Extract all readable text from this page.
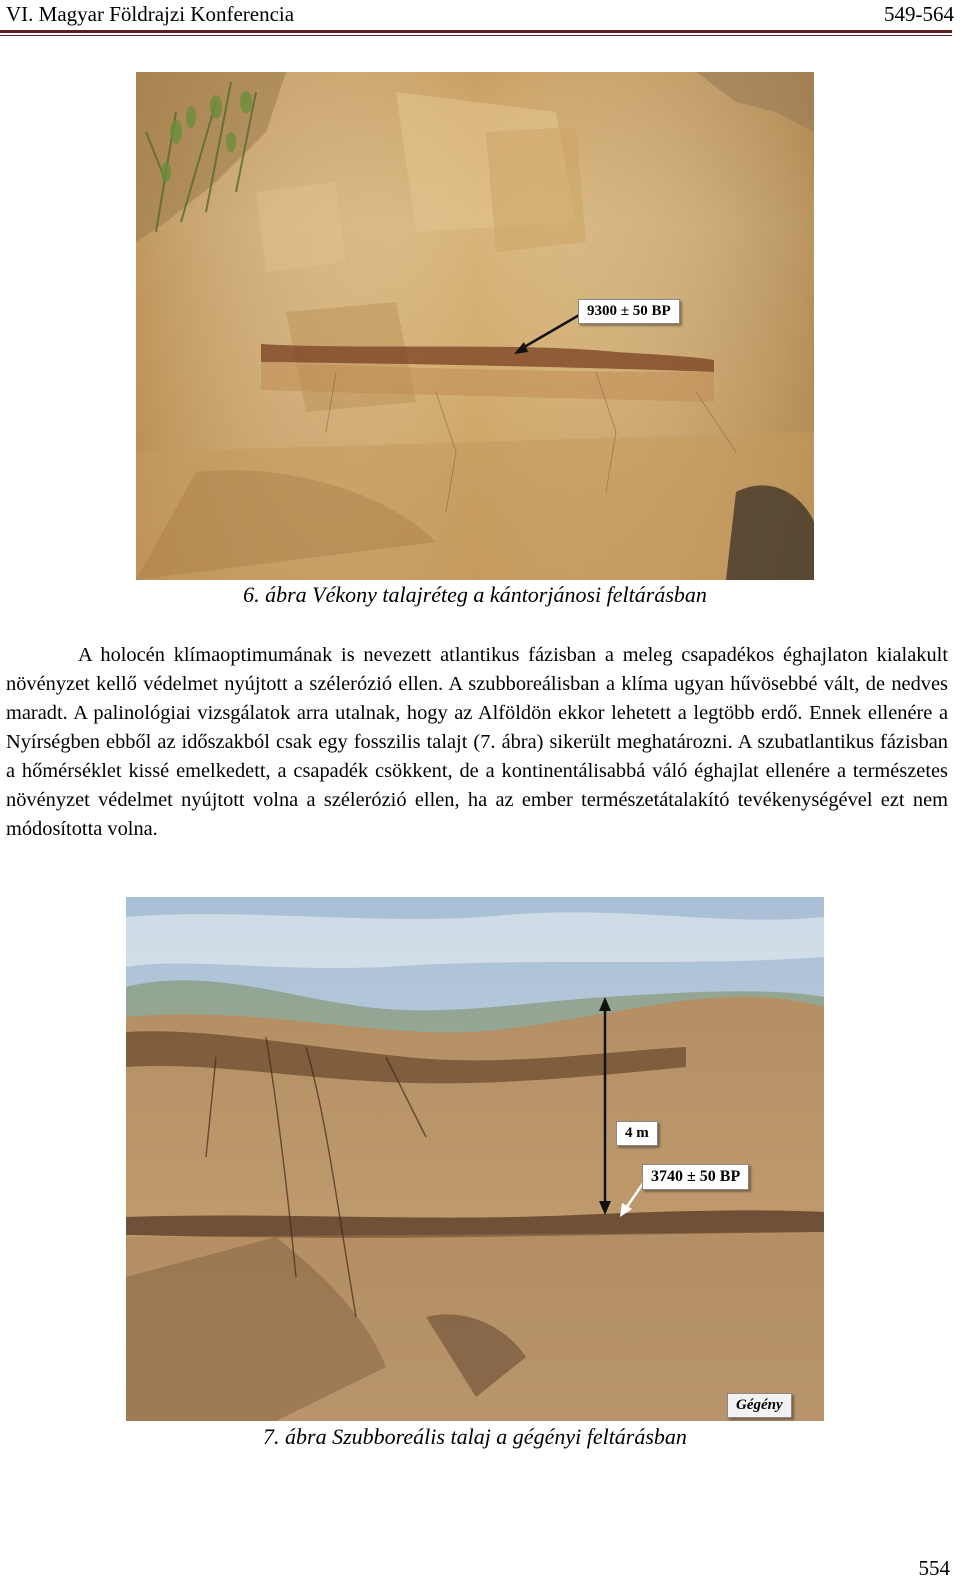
VI. Magyar Földrajzi Konferencia	549-564
9300 ± 50 BP
6. ábra Vékony talajréteg a kántorjánosi feltárásban

A holocén klímaoptimumának is nevezett atlantikus fázisban a meleg csapadékos éghajlaton kialakult növényzet kellő védelmet nyújtott a szélerózió ellen. A szubboreálisban a klíma ugyan hűvösebbé vált, de nedves maradt. A palinológiai vizsgálatok arra utalnak, hogy az Alföldön ekkor lehetett a legtöbb erdő. Ennek ellenére a Nyírségben ebből az időszakból csak egy fosszilis talajt (7. ábra) sikerült meghatározni. A szubatlantikus fázisban a hőmérséklet kissé emelkedett, a csapadék csökkent, de a kontinentálisabbá váló éghajlat ellenére a természetes növényzet védelmet nyújtott volna a szélerózió ellen, ha az ember természetátalakító tevékenységével ezt nem módosította volna.

4 m
3740 ± 50 BP
Gégény
7. ábra Szubboreális talaj a gégényi feltárásban
554
